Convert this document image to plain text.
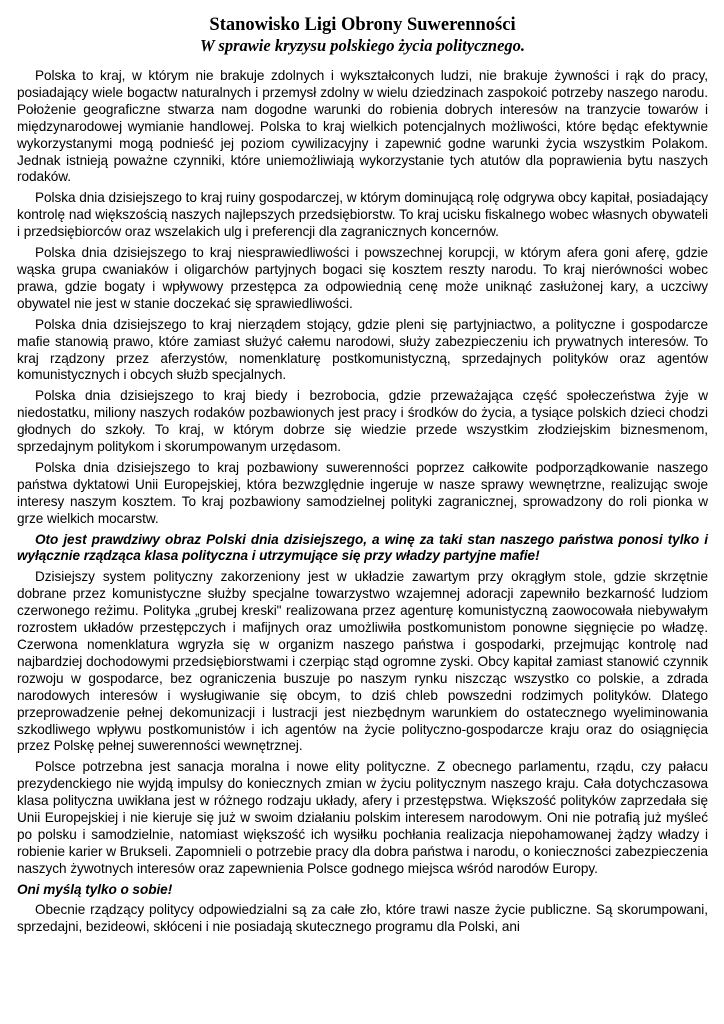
Stanowisko Ligi Obrony Suwerenności
W sprawie kryzysu polskiego życia politycznego.

Polska to kraj, w którym nie brakuje zdolnych i wykształconych ludzi, nie brakuje żywności i rąk do pracy, posiadający wiele bogactw naturalnych i przemysł zdolny w wielu dziedzinach zaspokoić potrzeby naszego narodu. Położenie geograficzne stwarza nam dogodne warunki do robienia dobrych interesów na tranzycie towarów i międzynarodowej wymianie handlowej. Polska to kraj wielkich potencjalnych możliwości, które będąc efektywnie wykorzystanymi mogą podnieść jej poziom cywilizacyjny i zapewnić godne warunki życia wszystkim Polakom. Jednak istnieją poważne czynniki, które uniemożliwiają wykorzystanie tych atutów dla poprawienia bytu naszych rodaków.

Polska dnia dzisiejszego to kraj ruiny gospodarczej, w którym dominującą rolę odgrywa obcy kapitał, posiadający kontrolę nad większością naszych najlepszych przedsiębiorstw. To kraj ucisku fiskalnego wobec własnych obywateli i przedsiębiorców oraz wszelakich ulg i preferencji dla zagranicznych koncernów.

Polska dnia dzisiejszego to kraj niesprawiedliwości i powszechnej korupcji, w którym afera goni aferę, gdzie wąska grupa cwaniaków i oligarchów partyjnych bogaci się kosztem reszty narodu. To kraj nierówności wobec prawa, gdzie bogaty i wpływowy przestępca za odpowiednią cenę może uniknąć zasłużonej kary, a uczciwy obywatel nie jest w stanie doczekać się sprawiedliwości.

Polska dnia dzisiejszego to kraj nierządem stojący, gdzie pleni się partyjniactwo, a polityczne i gospodarcze mafie stanowią prawo, które zamiast służyć całemu narodowi, służy zabezpieczeniu ich prywatnych interesów. To kraj rządzony przez aferzystów, nomenklaturę postkomunistyczną, sprzedajnych polityków oraz agentów komunistycznych i obcych służb specjalnych.

Polska dnia dzisiejszego to kraj biedy i bezrobocia, gdzie przeważająca część społeczeństwa żyje w niedostatku, miliony naszych rodaków pozbawionych jest pracy i środków do życia, a tysiące polskich dzieci chodzi głodnych do szkoły. To kraj, w którym dobrze się wiedzie przede wszystkim złodziejskim biznesmenom, sprzedajnym politykom i skorumpowanym urzędasom.

Polska dnia dzisiejszego to kraj pozbawiony suwerenności poprzez całkowite podporządkowanie naszego państwa dyktatowi Unii Europejskiej, która bezwzględnie ingeruje w nasze sprawy wewnętrzne, realizując swoje interesy naszym kosztem. To kraj pozbawiony samodzielnej polityki zagranicznej, sprowadzony do roli pionka w grze wielkich mocarstw.

Oto jest prawdziwy obraz Polski dnia dzisiejszego, a winę za taki stan naszego państwa ponosi tylko i wyłącznie rządząca klasa polityczna i utrzymujące się przy władzy partyjne mafie!

Dzisiejszy system polityczny zakorzeniony jest w układzie zawartym przy okrągłym stole, gdzie skrzętnie dobrane przez komunistyczne służby specjalne towarzystwo wzajemnej adoracji zapewniło bezkarność ludziom czerwonego reżimu. Polityka „grubej kreski" realizowana przez agenturę komunistyczną zaowocowała niebywałym rozrostem układów przestępczych i mafijnych oraz umożliwiła postkomunistom ponowne sięgnięcie po władzę. Czerwona nomenklatura wgryzła się w organizm naszego państwa i gospodarki, przejmując kontrolę nad najbardziej dochodowymi przedsiębiorstwami i czerpiąc stąd ogromne zyski. Obcy kapitał zamiast stanowić czynnik rozwoju w gospodarce, bez ograniczenia buszuje po naszym rynku niszcząc wszystko co polskie, a zdrada narodowych interesów i wysługiwanie się obcym, to dziś chleb powszedni rodzimych polityków. Dlatego przeprowadzenie pełnej dekomunizacji i lustracji jest niezbędnym warunkiem do ostatecznego wyeliminowania szkodliwego wpływu postkomunistów i ich agentów na życie polityczno-gospodarcze kraju oraz do osiągnięcia przez Polskę pełnej suwerenności wewnętrznej.

Polsce potrzebna jest sanacja moralna i nowe elity polityczne. Z obecnego parlamentu, rządu, czy pałacu prezydenckiego nie wyjdą impulsy do koniecznych zmian w życiu politycznym naszego kraju. Cała dotychczasowa klasa polityczna uwikłana jest w różnego rodzaju układy, afery i przestępstwa. Większość polityków zaprzedała się Unii Europejskiej i nie kieruje się już w swoim działaniu polskim interesem narodowym. Oni nie potrafią już myśleć po polsku i samodzielnie, natomiast większość ich wysiłku pochłania realizacja niepohamowanej żądzy władzy i robienie karier w Brukseli. Zapomnieli o potrzebie pracy dla dobra państwa i narodu, o konieczności zabezpieczenia naszych żywotnych interesów oraz zapewnienia Polsce godnego miejsca wśród narodów Europy.

Oni myślą tylko o sobie!

Obecnie rządzący politycy odpowiedzialni są za całe zło, które trawi nasze życie publiczne. Są skorumpowani, sprzedajni, bezideowi, skłóceni i nie posiadają skutecznego programu dla Polski, ani
